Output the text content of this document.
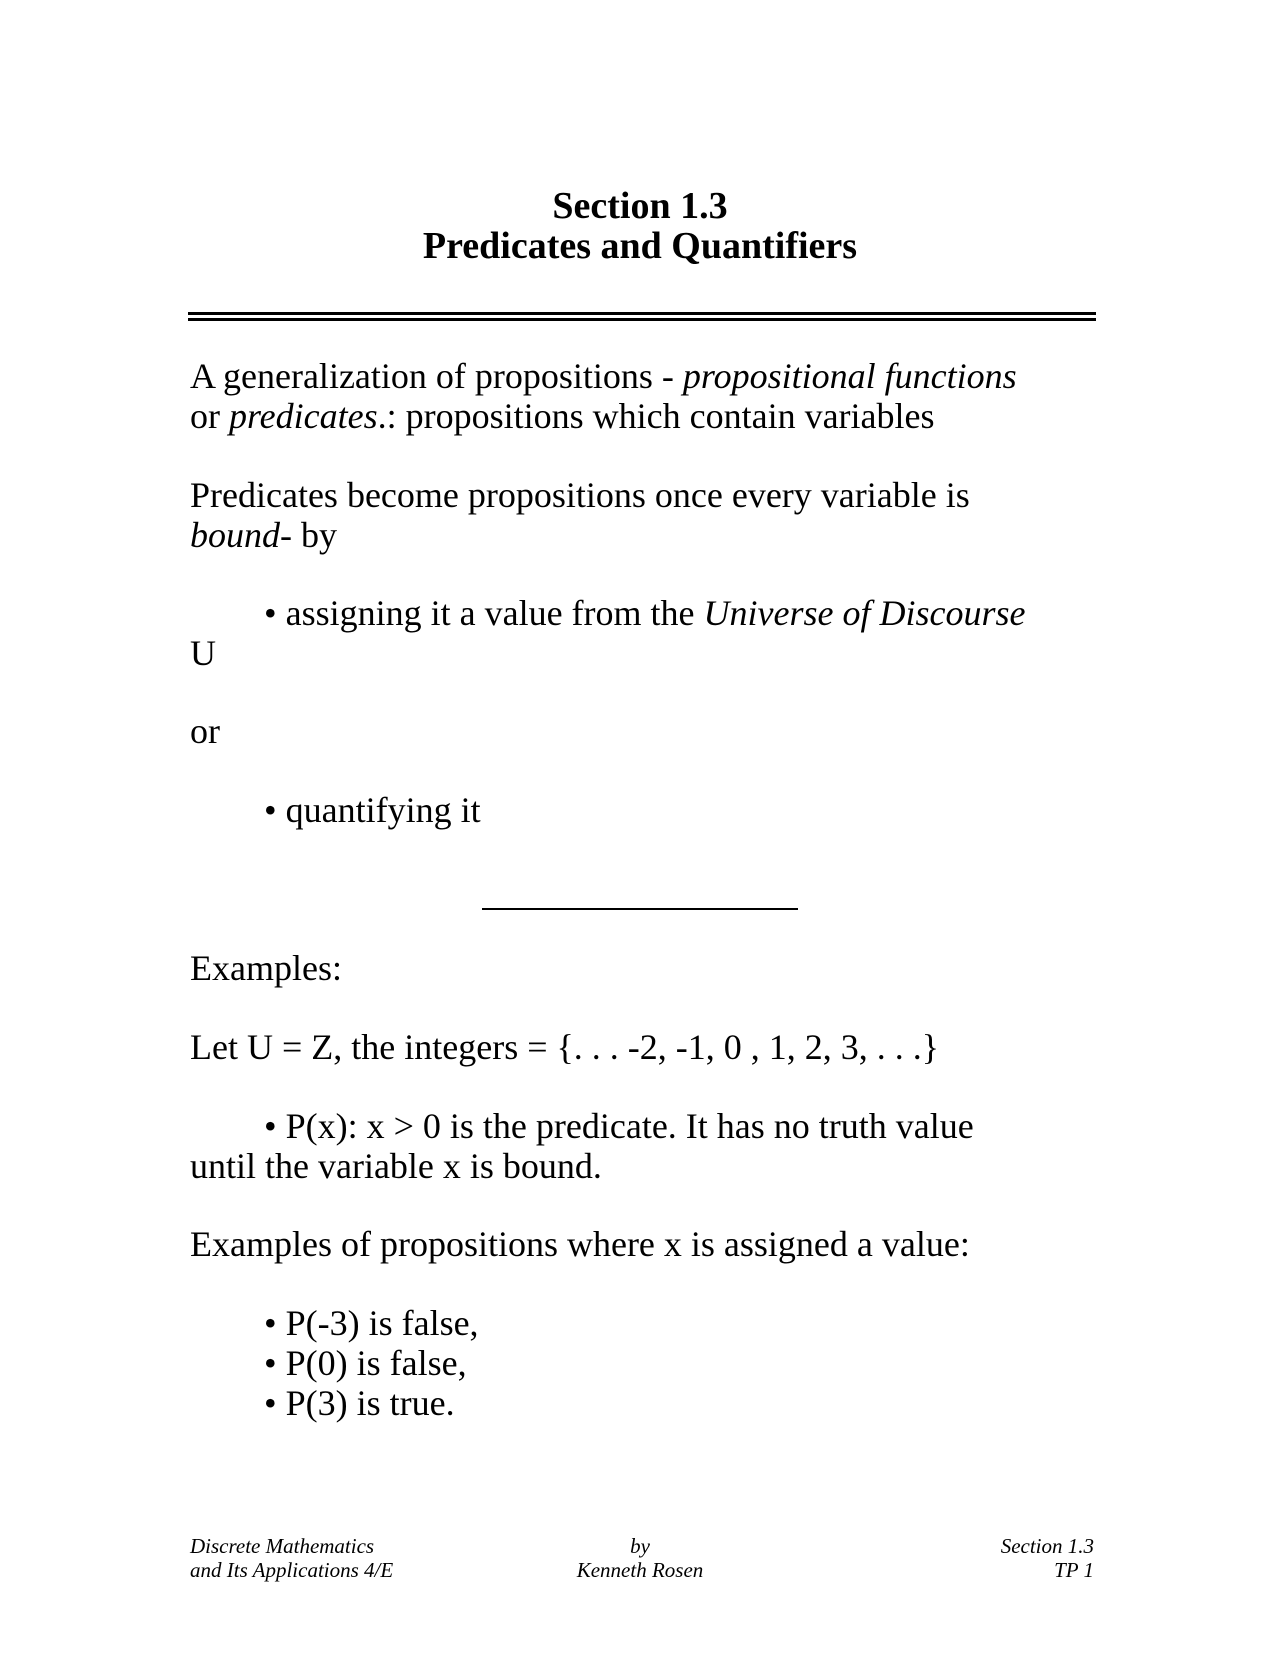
Section 1.3
Predicates and Quantifiers
A generalization of propositions - propositional functions
or predicates.: propositions which contain variables
Predicates become propositions once every variable is
bound- by
• assigning it a value from the Universe of Discourse
U
or
• quantifying it
Examples:
Let U = Z, the integers = {. . . -2, -1, 0 , 1, 2, 3, . . .}
• P(x): x > 0 is the predicate. It has no truth value
until the variable x is bound.
Examples of propositions where x is assigned a value:
• P(-3) is false,
• P(0) is false,
• P(3) is true.
Discrete Mathematics
and Its Applications 4/E
by
Kenneth Rosen
Section 1.3
TP 1
